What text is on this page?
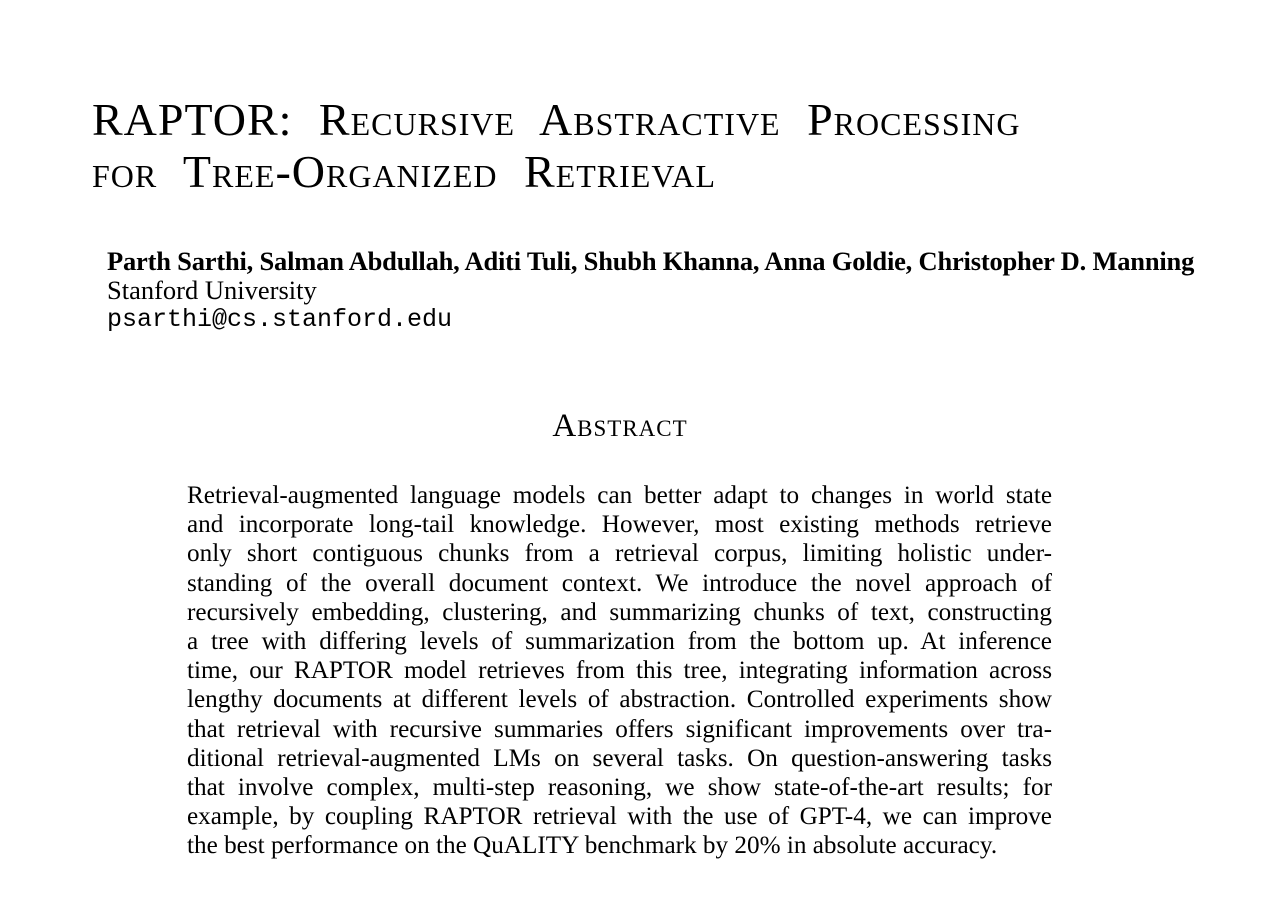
RAPTOR: Recursive Abstractive Processing
for Tree-Organized Retrieval
Parth Sarthi, Salman Abdullah, Aditi Tuli, Shubh Khanna, Anna Goldie, Christopher D. Manning
Stanford University
psarthi@cs.stanford.edu
Abstract
Retrieval-augmented language models can better adapt to changes in world state
and incorporate long-tail knowledge. However, most existing methods retrieve
only short contiguous chunks from a retrieval corpus, limiting holistic under-
standing of the overall document context. We introduce the novel approach of
recursively embedding, clustering, and summarizing chunks of text, constructing
a tree with differing levels of summarization from the bottom up. At inference
time, our RAPTOR model retrieves from this tree, integrating information across
lengthy documents at different levels of abstraction. Controlled experiments show
that retrieval with recursive summaries offers significant improvements over tra-
ditional retrieval-augmented LMs on several tasks. On question-answering tasks
that involve complex, multi-step reasoning, we show state-of-the-art results; for
example, by coupling RAPTOR retrieval with the use of GPT-4, we can improve
the best performance on the QuALITY benchmark by 20% in absolute accuracy.
